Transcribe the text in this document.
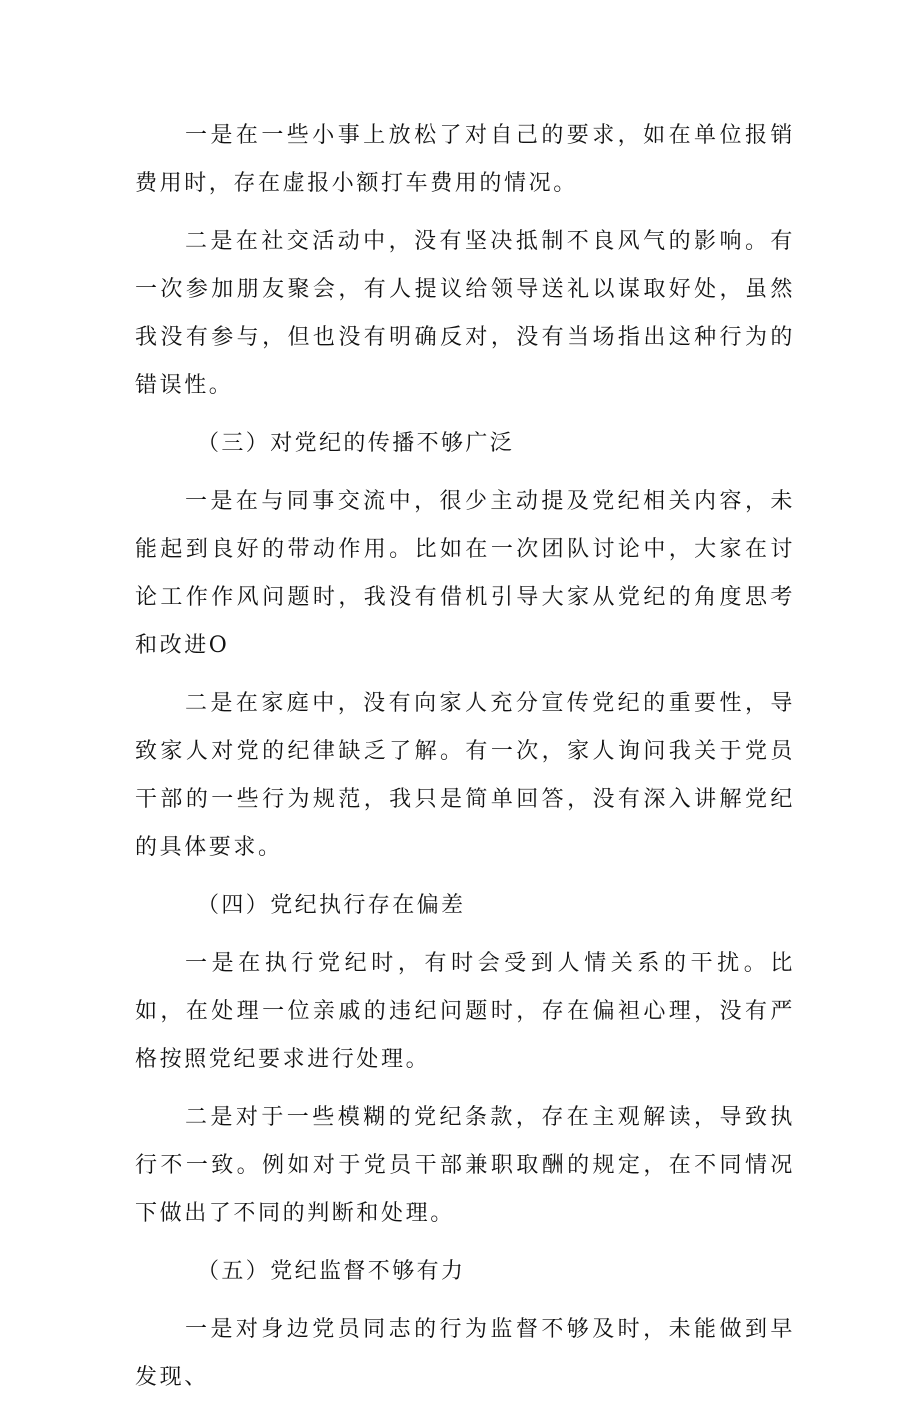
一是在一些小事上放松了对自己的要求，如在单位报销费用时，存在虚报小额打车费用的情况。

二是在社交活动中，没有坚决抵制不良风气的影响。有一次参加朋友聚会，有人提议给领导送礼以谋取好处，虽然我没有参与，但也没有明确反对，没有当场指出这种行为的错误性。

（三）对党纪的传播不够广泛

一是在与同事交流中，很少主动提及党纪相关内容，未能起到良好的带动作用。比如在一次团队讨论中，大家在讨论工作作风问题时，我没有借机引导大家从党纪的角度思考和改进O

二是在家庭中，没有向家人充分宣传党纪的重要性，导致家人对党的纪律缺乏了解。有一次，家人询问我关于党员干部的一些行为规范，我只是简单回答，没有深入讲解党纪的具体要求。

（四）党纪执行存在偏差

一是在执行党纪时，有时会受到人情关系的干扰。比如，在处理一位亲戚的违纪问题时，存在偏袒心理，没有严格按照党纪要求进行处理。

二是对于一些模糊的党纪条款，存在主观解读，导致执行不一致。例如对于党员干部兼职取酬的规定，在不同情况下做出了不同的判断和处理。

（五）党纪监督不够有力

一是对身边党员同志的行为监督不够及时，未能做到早发现、
